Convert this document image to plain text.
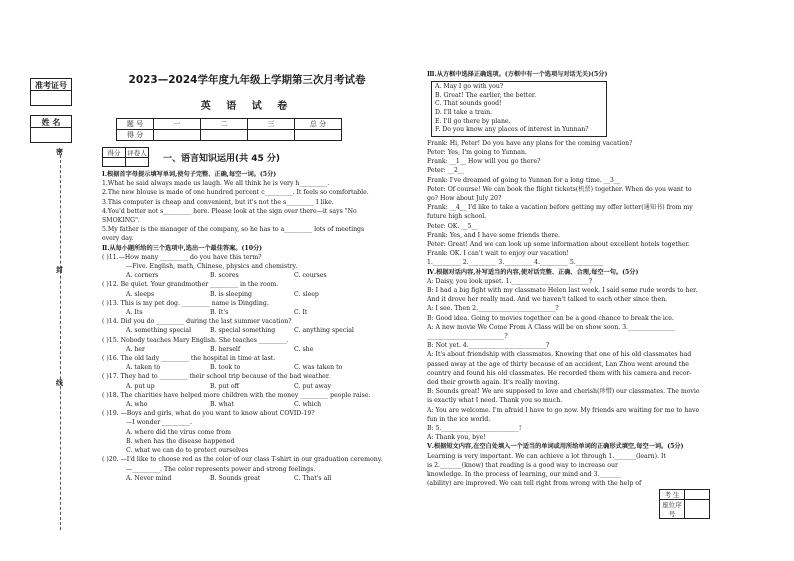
准考证号
姓 名
密
封
线
2023—2024学年度九年级上学期第三次月考试卷
英 语 试 卷
题 号	一	二	三	总 分
得 分				
得分	评卷人

一、语言知识运用(共 45 分)
Ⅰ.根据首字母提示填写单词,使句子完整、正确,每空一词。(5分)
1.What he said always made us laugh. We all think he is very h_________.
2.The new blouse is made of one hundred percent c_________. It feels so comfortable.
3.This computer is cheap and convenient, but it's not the s_________ I like.
4.You'd better not s_________ here. Please look at the sign over there—it says "No
SMOKING".
5.My father is the manager of the company, so he has to a_________ lots of meetings
every day.
Ⅱ.从每小题所给的三个选项中,选出一个最佳答案。(10分)
( )11.—How many _________ do you have this term?
—Five. English, math, Chinese, physics and chemistry.
A. corners	B. scores	C. courses
( )12. Be quiet. Your grandmother _________ in the room.
A. sleeps	B. is sleeping	C. sleep
( )13. This is my pet dog. _________ name is Dingding.
A. Its	B. It's	C. It
( )14. Did you do _________ during the last summer vacation?
A. something special	B. special something	C. anything special
( )15. Nobody teaches Mary English. She teaches _________.
A. her	B. herself	C. she
( )16. The old lady _________ the hospital in time at last.
A. taken to	B. took to	C. was taken to
( )17. They had to _________ their school trip because of the bad weather.
A. put up	B. put off	C. put away
( )18. The charities have helped more children with the money _________ people raise.
A. who	B. what	C. which
( )19. —Boys and girls, what do you want to know about COVID-19?
—I wonder _________.
A. where did the virus come from
B. when has the disease happened
C. what we can do to protect ourselves
( )20. —I'd like to choose red as the color of our class T-shirt in our graduation ceremony.
—_________. The color represents power and strong feelings.
A. Never mind	B. Sounds great	C. That's all
Ⅲ.从方框中选择正确选项。(方框中有一个选项与对话无关)(5分)
A. May I go with you?
B. Great! The earlier, the better.
C. That sounds good!
D. I'll take a train.
E. I'll go there by plane.
F. Do you know any places of interest in Yunnan?
Frank: Hi, Peter! Do you have any plans for the coming vacation?
Peter: Yes, I'm going to Yunnan.
Frank: __1__ How will you go there?
Peter: __2__
Frank: I've dreamed of going to Yunnan for a long time. __3__
Peter: Of course! We can book the flight tickets(机票) together. When do you want to
go? How about July 20?
Frank: __4__ I'd like to take a vacation before getting my offer letter(通知书) from my
future high school.
Peter: OK. __5__
Frank: Yes, and I have some friends there.
Peter: Great! And we can look up some information about excellent hotels together.
Frank: OK. I can't wait to enjoy our vacation!
1._________ 2._________ 3._________ 4._________ 5._________
Ⅳ.根据对话内容,补写适当的内容,使对话完整、正确、合理,每空一句。(5分)
A: Daisy, you look upset. 1._________________________?
B: I had a big fight with my classmate Helen last week. I said some rude words to her.
And it drove her really mad. And we haven't talked to each other since then.
A: I see. Then 2._________________________?
B: Good idea. Going to movies together can be a good chance to break the ice.
A: A new movie We Come From A Class will be on show soon. 3._______________
_________________________?
B: Not yet. 4._________________________?
A: It's about friendship with classmates. Knowing that one of his old classmates had
passed away at the age of thirty because of an accident, Lan Zhou went around the
country and found his old classmates. He recorded them with his camera and recor-
ded their growth again. It's really moving.
B: Sounds great! We are supposed to love and cherish(珍惜) our classmates. The movie
is exactly what I need. Thank you so much.
A: You are welcome. I'm afraid I have to go now. My friends are waiting for me to have
fun in the ice world.
B: 5._________________________!
A: Thank you, bye!
Ⅴ.根据短文内容,在空白处填入一个适当的单词或用所给单词的正确形式填空,每空一词。(5分)
Learning is very important. We can achieve a lot through 1._______(learn). It
is 2._______(know) that reading is a good way to increase our
knowledge. In the process of learning, our mind and 3._______
(ability) are improved. We can tell right from wrong with the help of
考 生	
座位序号	
